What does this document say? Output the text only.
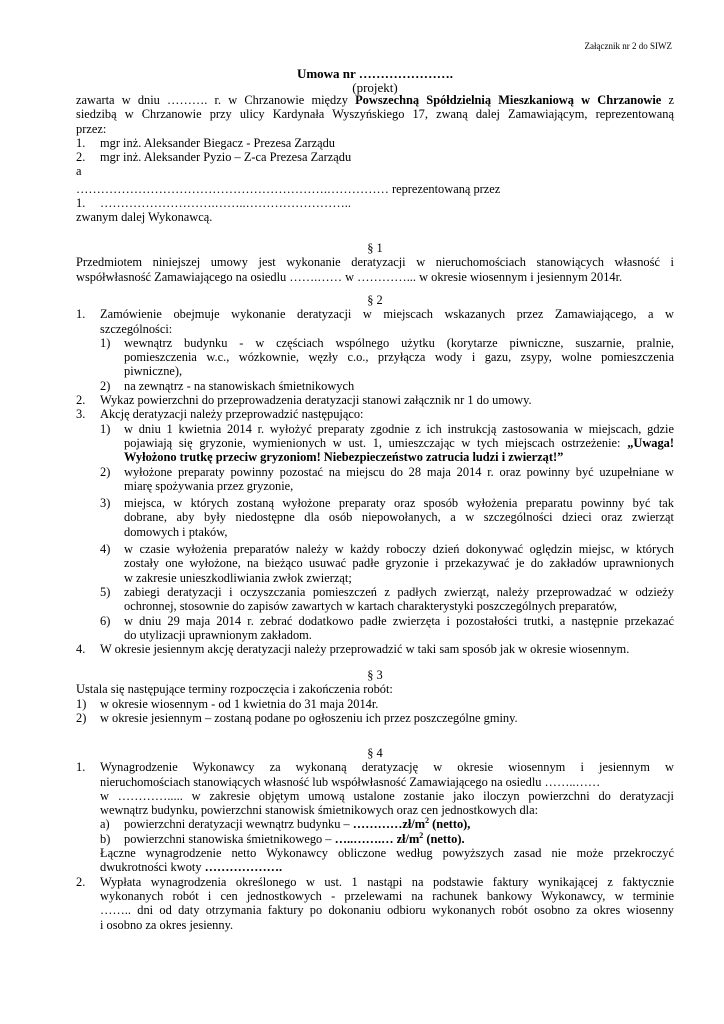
Załącznik nr 2 do SIWZ
Umowa nr ………………….
(projekt)
zawarta w dniu ………. r. w Chrzanowie między Powszechną Spółdzielnią Mieszkaniową w Chrzanowie z
siedzibą w Chrzanowie przy ulicy Kardynała Wyszyńskiego 17, zwaną dalej Zamawiającym, reprezentowaną
przez:
1.	mgr inż. Aleksander Biegacz - Prezesa Zarządu
2.	mgr inż. Aleksander Pyzio – Z-ca Prezesa Zarządu
a
…………………………………………………….…………… reprezentowaną przez
1.	……………………….……..……………………..
zwanym dalej Wykonawcą.
§ 1
Przedmiotem niniejszej umowy jest wykonanie deratyzacji w nieruchomościach stanowiących własność i
współwłasność Zamawiającego na osiedlu …….…… w …………... w okresie wiosennym i jesiennym 2014r.
§ 2
1.	Zamówienie obejmuje wykonanie deratyzacji w miejscach wskazanych przez Zamawiającego, a w
szczególności:
1)	wewnątrz budynku - w częściach wspólnego użytku (korytarze piwniczne, suszarnie, pralnie,
pomieszczenia w.c., wózkownie, węzły c.o., przyłącza wody i gazu, zsypy, wolne pomieszczenia
piwniczne),
2)	na zewnątrz - na stanowiskach śmietnikowych
2.	Wykaz powierzchni do przeprowadzenia deratyzacji stanowi załącznik nr 1 do umowy.
3.	Akcję deratyzacji należy przeprowadzić następująco:
1)	w dniu 1 kwietnia 2014 r. wyłożyć preparaty zgodnie z ich instrukcją zastosowania w miejscach, gdzie
pojawiają się gryzonie, wymienionych w ust. 1, umieszczając w tych miejscach ostrzeżenie: „Uwaga!
Wyłożono trutkę przeciw gryzoniom! Niebezpieczeństwo zatrucia ludzi i zwierząt!”
2)	wyłożone preparaty powinny pozostać na miejscu do 28 maja 2014 r. oraz powinny być uzupełniane w
miarę spożywania przez gryzonie,
3)	miejsca, w których zostaną wyłożone preparaty oraz sposób wyłożenia preparatu powinny być tak
dobrane, aby były niedostępne dla osób niepowołanych, a w szczególności dzieci oraz zwierząt
domowych i ptaków,
4)	w czasie wyłożenia preparatów należy w każdy roboczy dzień dokonywać oględzin miejsc, w których
zostały one wyłożone, na bieżąco usuwać padłe gryzonie i przekazywać je do zakładów uprawnionych
w zakresie unieszkodliwiania zwłok zwierząt;
5)	zabiegi deratyzacji i oczyszczania pomieszczeń z padłych zwierząt, należy przeprowadzać w odzieży
ochronnej, stosownie do zapisów zawartych w kartach charakterystyki poszczególnych preparatów,
6)	w dniu 29 maja 2014 r. zebrać dodatkowo padłe zwierzęta i pozostałości trutki, a następnie przekazać
do utylizacji uprawnionym zakładom.
4.	W okresie jesiennym akcję deratyzacji należy przeprowadzić w taki sam sposób jak w okresie wiosennym.
§ 3
Ustala się następujące terminy rozpoczęcia i zakończenia robót:
1)	w okresie wiosennym - od 1 kwietnia do 31 maja 2014r.
2)	w okresie jesiennym – zostaną podane po ogłoszeniu ich przez poszczególne gminy.
§ 4
1.	Wynagrodzenie Wykonawcy za wykonaną deratyzację w okresie wiosennym i jesiennym w
nieruchomościach stanowiących własność lub współwłasność Zamawiającego na osiedlu ……..……
w …………..... w zakresie objętym umową ustalone zostanie jako iloczyn powierzchni do deratyzacji
wewnątrz budynku, powierzchni stanowisk śmietnikowych oraz cen jednostkowych dla:
a)	powierzchni deratyzacji wewnątrz budynku – $\dots\dots\dots\dots zł/m^2$ (netto),
b)	powierzchni stanowiska śmietnikowego – …..…….… $zł/m^2$ (netto).
Łączne wynagrodzenie netto Wykonawcy obliczone według powyższych zasad nie może przekroczyć
dwukrotności kwoty ……………….
2.	Wypłata wynagrodzenia określonego w ust. 1 nastąpi na podstawie faktury wynikającej z faktycznie
wykonanych robót i cen jednostkowych - przelewami na rachunek bankowy Wykonawcy, w terminie
…….. dni od daty otrzymania faktury po dokonaniu odbioru wykonanych robót osobno za okres wiosenny
i osobno za okres jesienny.
